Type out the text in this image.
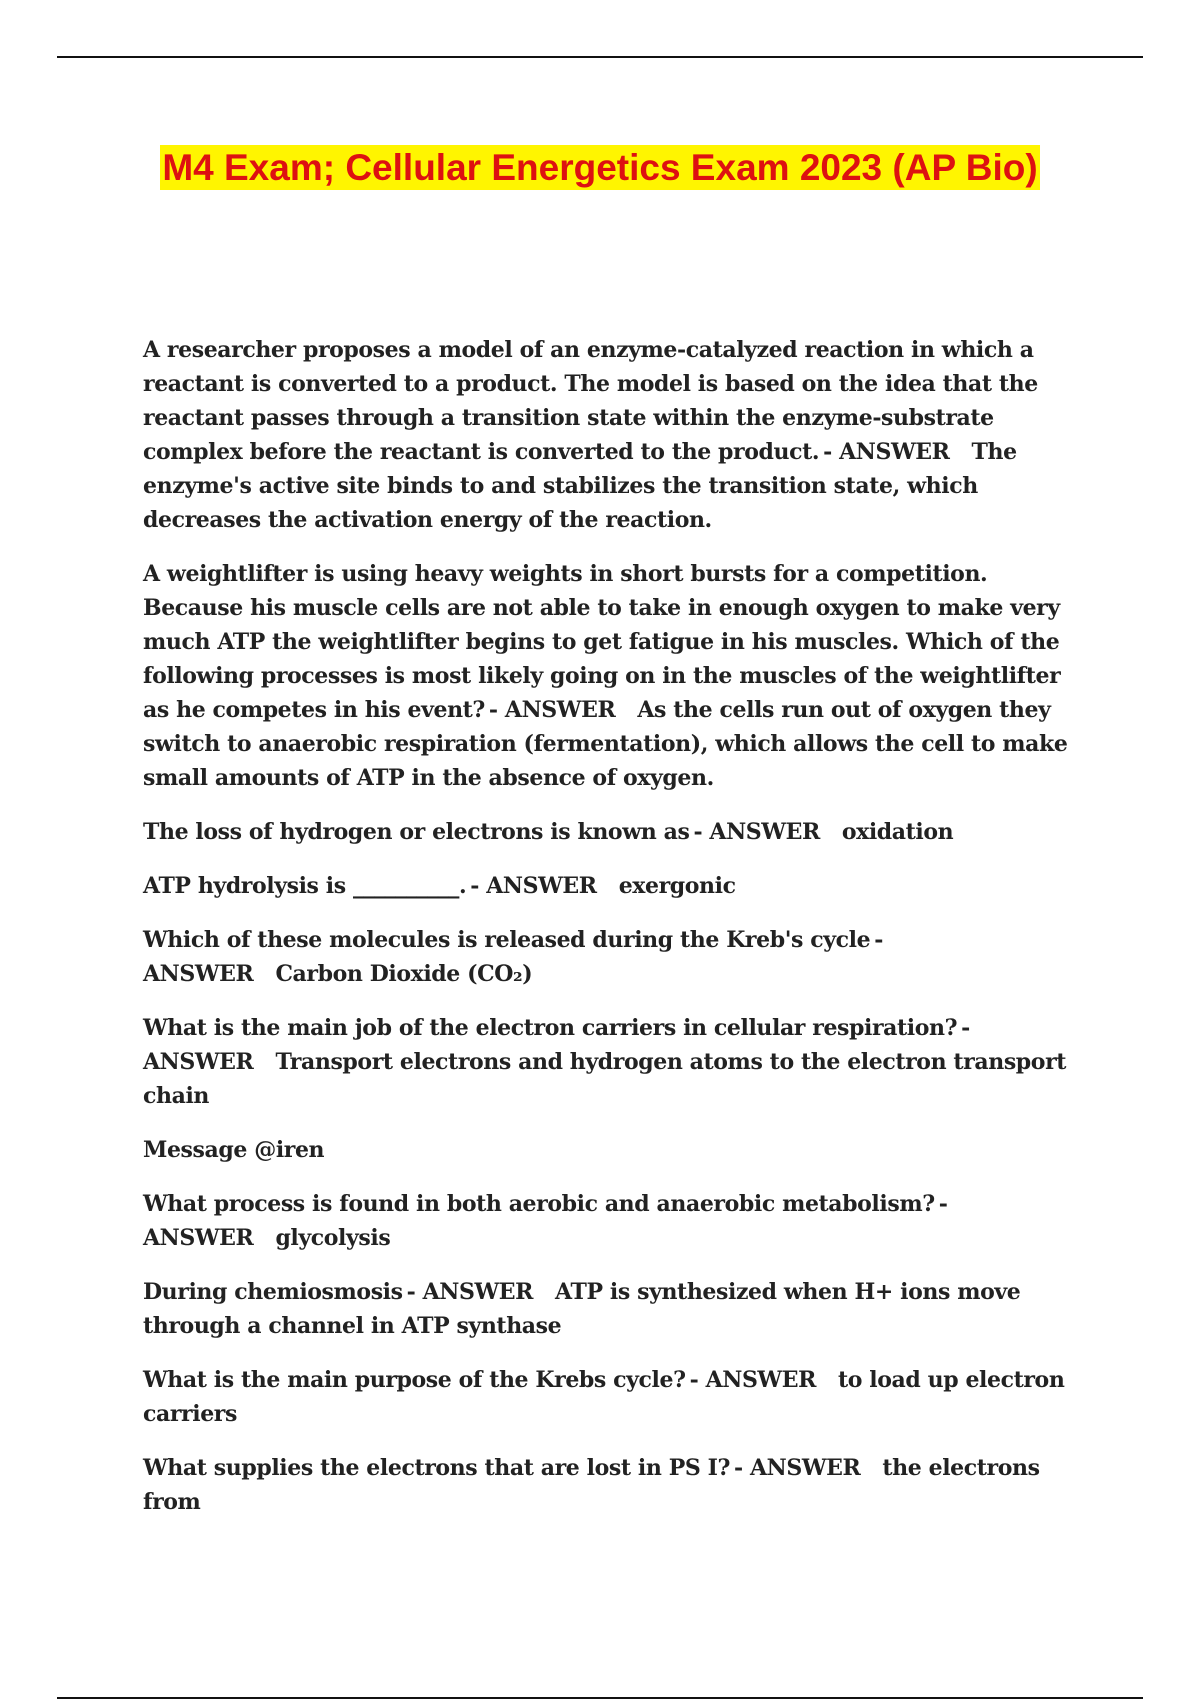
M4 Exam; Cellular Energetics Exam 2023 (AP Bio)

A researcher proposes a model of an enzyme-catalyzed reaction in which a reactant is converted to a product. The model is based on the idea that the reactant passes through a transition state within the enzyme-substrate complex before the reactant is converted to the product. - ANSWER The enzyme's active site binds to and stabilizes the transition state, which decreases the activation energy of the reaction.

A weightlifter is using heavy weights in short bursts for a competition. Because his muscle cells are not able to take in enough oxygen to make very much ATP the weightlifter begins to get fatigue in his muscles. Which of the following processes is most likely going on in the muscles of the weightlifter as he competes in his event? - ANSWER As the cells run out of oxygen they switch to anaerobic respiration (fermentation), which allows the cell to make small amounts of ATP in the absence of oxygen.

The loss of hydrogen or electrons is known as - ANSWER oxidation

ATP hydrolysis is __________. - ANSWER exergonic

Which of these molecules is released during the Kreb's cycle - ANSWER Carbon Dioxide (CO₂)

What is the main job of the electron carriers in cellular respiration? - ANSWER Transport electrons and hydrogen atoms to the electron transport chain

Message @iren

What process is found in both aerobic and anaerobic metabolism? - ANSWER glycolysis

During chemiosmosis - ANSWER ATP is synthesized when H+ ions move through a channel in ATP synthase

What is the main purpose of the Krebs cycle? - ANSWER to load up electron carriers

What supplies the electrons that are lost in PS I? - ANSWER the electrons from
